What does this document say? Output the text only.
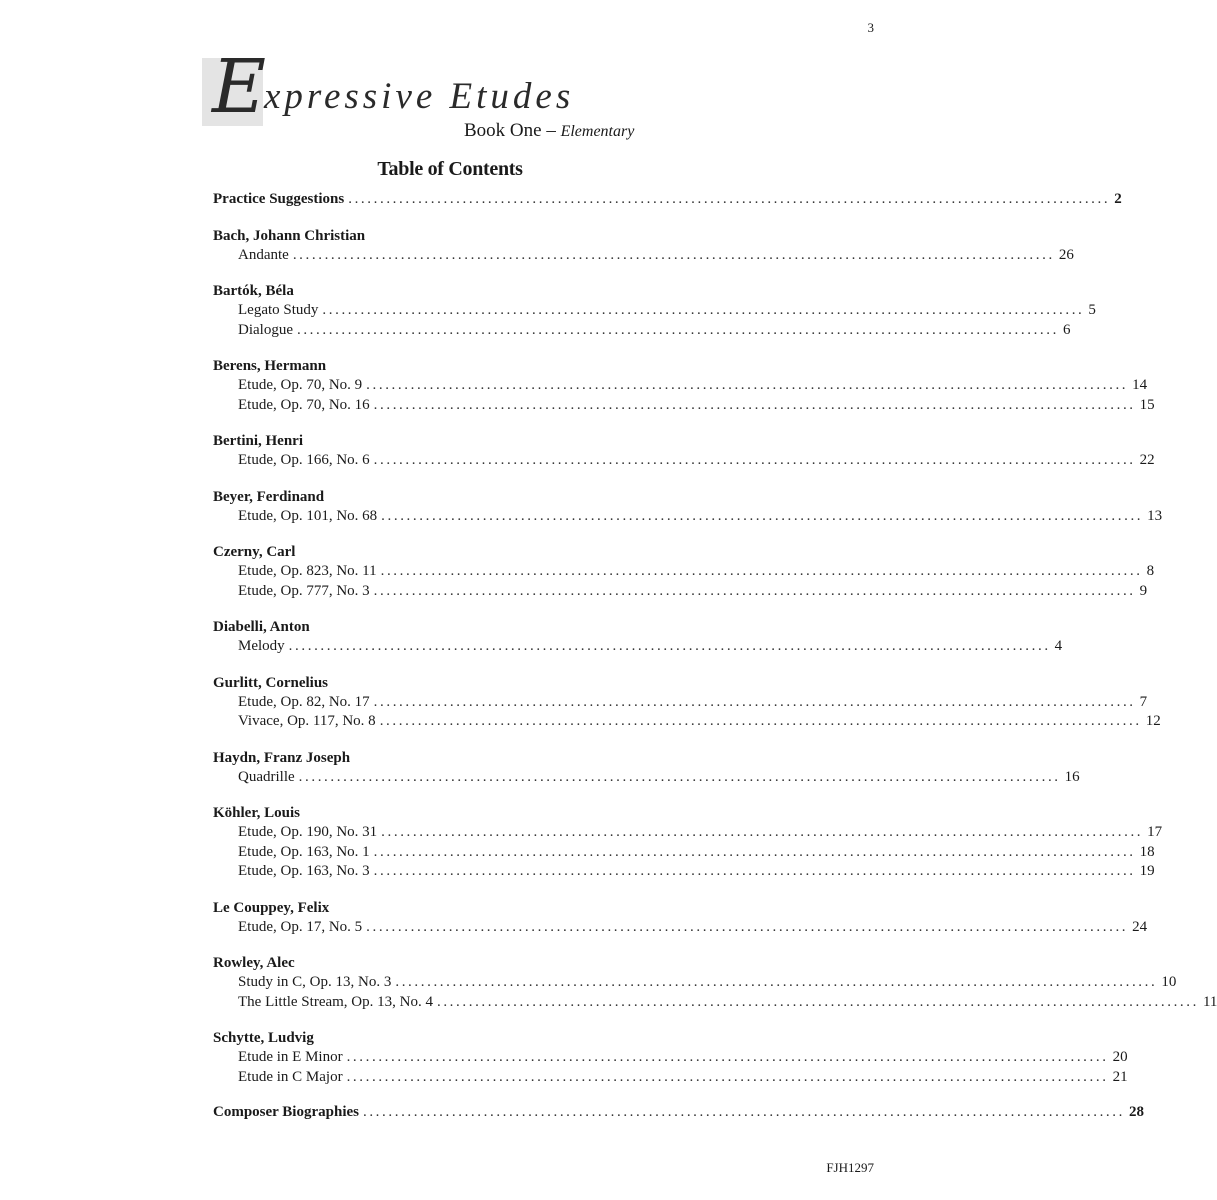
3
E
xpressive Etudes
Book One – Elementary
Table of Contents
Practice Suggestions ........................................................................................................................ 2
Bach, Johann Christian
Andante ........................................................................................................................ 26
Bartók, Béla
Legato Study ........................................................................................................................ 5
Dialogue ........................................................................................................................ 6
Berens, Hermann
Etude, Op. 70, No. 9 ........................................................................................................................ 14
Etude, Op. 70, No. 16 ........................................................................................................................ 15
Bertini, Henri
Etude, Op. 166, No. 6 ........................................................................................................................ 22
Beyer, Ferdinand
Etude, Op. 101, No. 68 ........................................................................................................................ 13
Czerny, Carl
Etude, Op. 823, No. 11 ........................................................................................................................ 8
Etude, Op. 777, No. 3 ........................................................................................................................ 9
Diabelli, Anton
Melody ........................................................................................................................ 4
Gurlitt, Cornelius
Etude, Op. 82, No. 17 ........................................................................................................................ 7
Vivace, Op. 117, No. 8 ........................................................................................................................ 12
Haydn, Franz Joseph
Quadrille ........................................................................................................................ 16
Köhler, Louis
Etude, Op. 190, No. 31 ........................................................................................................................ 17
Etude, Op. 163, No. 1 ........................................................................................................................ 18
Etude, Op. 163, No. 3 ........................................................................................................................ 19
Le Couppey, Felix
Etude, Op. 17, No. 5 ........................................................................................................................ 24
Rowley, Alec
Study in C, Op. 13, No. 3 ........................................................................................................................ 10
The Little Stream, Op. 13, No. 4 ........................................................................................................................ 11
Schytte, Ludvig
Etude in E Minor ........................................................................................................................ 20
Etude in C Major ........................................................................................................................ 21
Composer Biographies ........................................................................................................................ 28
FJH1297
